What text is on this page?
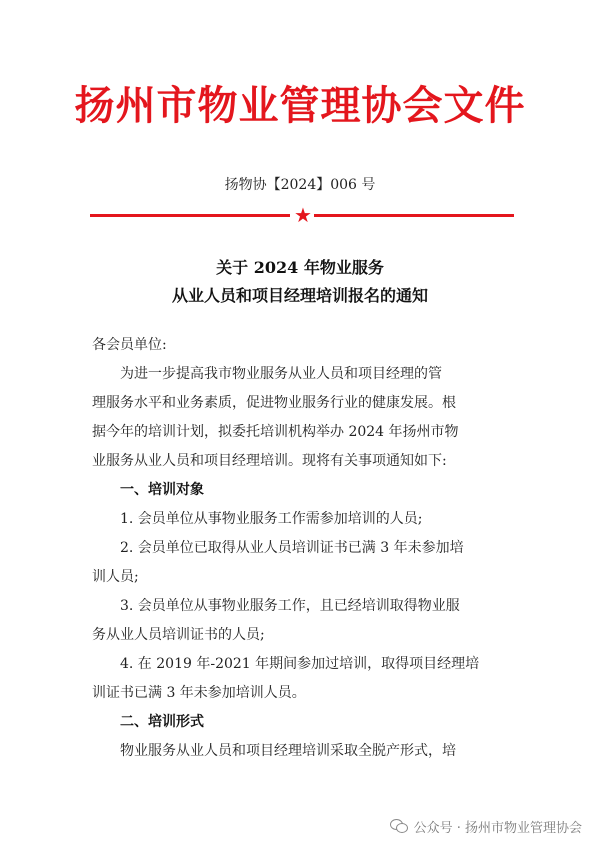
扬州市物业管理协会文件
扬物协【2024】006 号
★
关于 2024 年物业服务
从业人员和项目经理培训报名的通知
各会员单位:
为进一步提高我市物业服务从业人员和项目经理的管
理服务水平和业务素质，促进物业服务行业的健康发展。根
据今年的培训计划，拟委托培训机构举办 2024 年扬州市物
业服务从业人员和项目经理培训。现将有关事项通知如下:
一、培训对象
1. 会员单位从事物业服务工作需参加培训的人员;
2. 会员单位已取得从业人员培训证书已满 3 年未参加培
训人员;
3. 会员单位从事物业服务工作，且已经培训取得物业服
务从业人员培训证书的人员;
4. 在 2019 年-2021 年期间参加过培训，取得项目经理培
训证书已满 3 年未参加培训人员。
二、培训形式
物业服务从业人员和项目经理培训采取全脱产形式，培
公众号 · 扬州市物业管理协会
